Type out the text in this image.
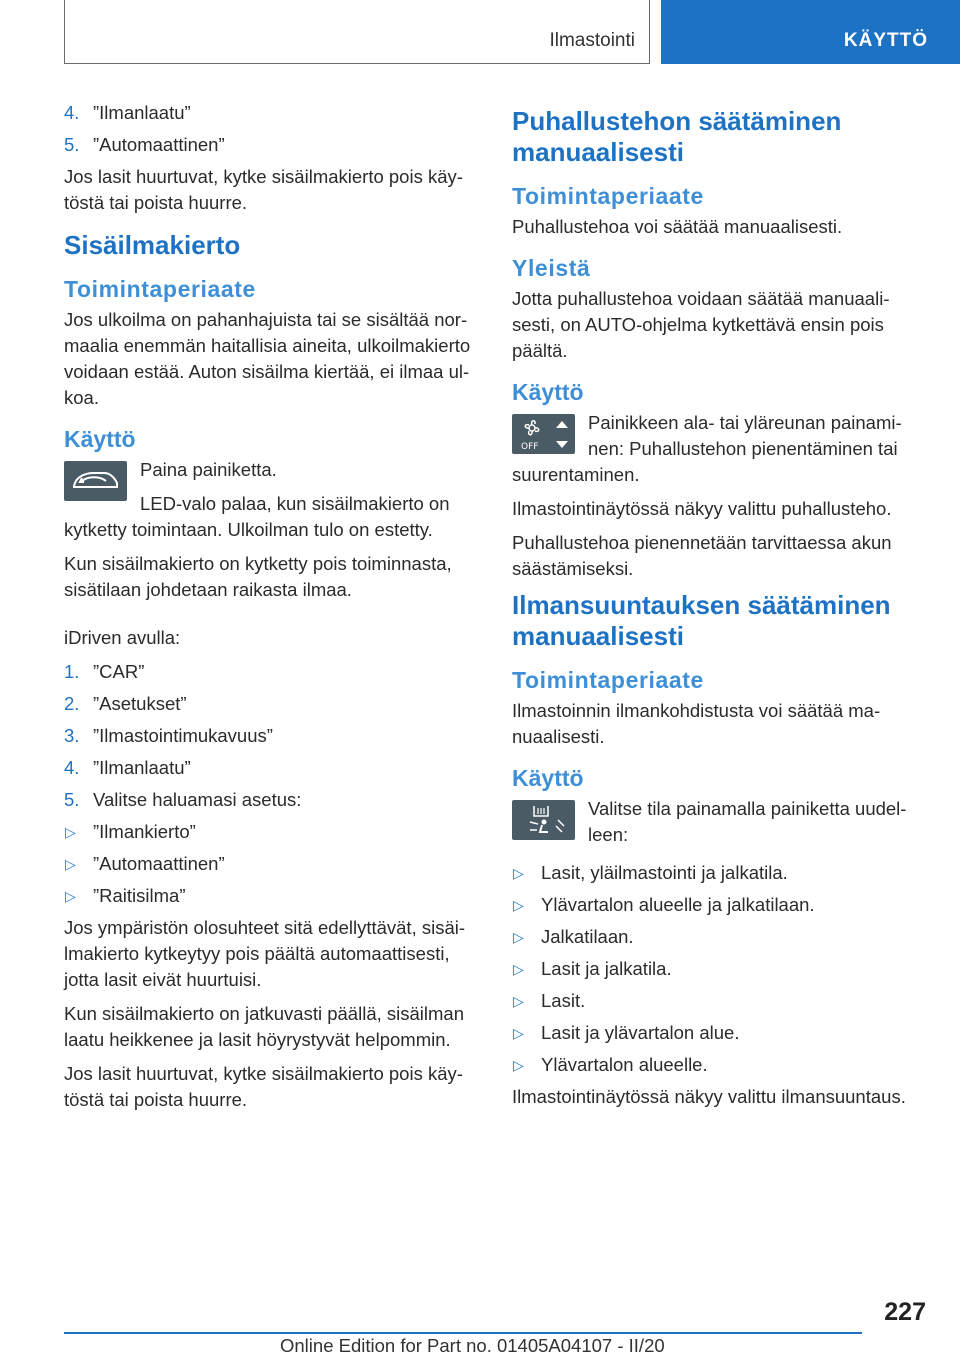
Ilmastointi	KÄYTTÖ
4. ”Ilmanlaatu”
5. ”Automaattinen”

Jos lasit huurtuvat, kytke sisäilmakierto pois käytöstä tai poista huurre.

Sisäilmakierto
Toimintaperiaate

Jos ulkoilma on pahanhajuista tai se sisältää normaalia enemmän haitallisia aineita, ulkoilmakierto voidaan estää. Auton sisäilma kiertää, ei ilmaa ulkoa.

Käyttö

Paina painiketta.

LED-valo palaa, kun sisäilmakierto on kytketty toimintaan. Ulkoilman tulo on estetty.

Kun sisäilmakierto on kytketty pois toiminnasta, sisätilaan johdetaan raikasta ilmaa.

iDriven avulla:

1. ”CAR”
2. ”Asetukset”
3. ”Ilmastointimukavuus”
4. ”Ilmanlaatu”
5. Valitse haluamasi asetus:
▷ ”Ilmankierto”
▷ ”Automaattinen”
▷ ”Raitisilma”

Jos ympäristön olosuhteet sitä edellyttävät, sisäilmakierto kytkeytyy pois päältä automaattisesti, jotta lasit eivät huurtuisi.

Kun sisäilmakierto on jatkuvasti päällä, sisäilman laatu heikkenee ja lasit höyrystyvät helpommin.

Jos lasit huurtuvat, kytke sisäilmakierto pois käytöstä tai poista huurre.

Puhallustehon säätäminen manuaalisesti
Toimintaperiaate

Puhallustehoa voi säätää manuaalisesti.

Yleistä

Jotta puhallustehoa voidaan säätää manuaalisesti, on AUTO-ohjelma kytkettävä ensin pois päältä.

Käyttö
OFF

Painikkeen ala- tai yläreunan painaminen: Puhallustehon pienentäminen tai suurentaminen.

Ilmastointinäytössä näkyy valittu puhallusteho.

Puhallustehoa pienennetään tarvittaessa akun säästämiseksi.

Ilmansuuntauksen säätäminen manuaalisesti
Toimintaperiaate

Ilmastoinnin ilmankohdistusta voi säätää manuaalisesti.

Käyttö

Valitse tila painamalla painiketta uudelleen:

▷ Lasit, yläilmastointi ja jalkatila.
▷ Ylävartalon alueelle ja jalkatilaan.
▷ Jalkatilaan.
▷ Lasit ja jalkatila.
▷ Lasit.
▷ Lasit ja ylävartalon alue.
▷ Ylävartalon alueelle.

Ilmastointinäytössä näkyy valittu ilmansuuntaus.

227
Online Edition for Part no. 01405A04107 - II/20
